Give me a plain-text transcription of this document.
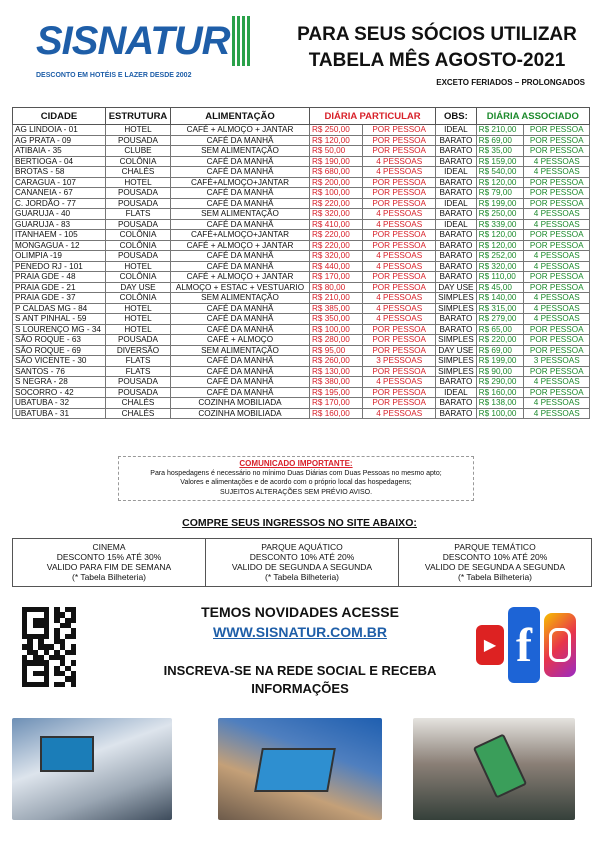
SISNATUR
DESCONTO EM HOTÉIS E LAZER DESDE 2002
PARA SEUS SÓCIOS UTILIZAR
TABELA MÊS AGOSTO-2021
EXCETO FERIADOS – PROLONGADOS
CIDADE	ESTRUTURA	ALIMENTAÇÃO	DIÁRIA PARTICULAR		OBS:	DIÁRIA ASSOCIADO	
AG LINDOIA - 01	HOTEL	CAFÉ + ALMOÇO + JANTAR	R$ 250,00	POR PESSOA	IDEAL	R$ 210,00	POR PESSOA
AG PRATA - 09	POUSADA	CAFÉ DA MANHÃ	R$ 120,00	POR PESSOA	BARATO	R$ 69,00	POR PESSOA
ATIBAIA - 35	CLUBE	SEM ALIMENTAÇÃO	R$ 50,00	POR PESSOA	BARATO	R$ 35,00	POR PESSOA
BERTIOGA - 04	COLÔNIA	CAFÉ DA MANHÃ	R$ 190,00	4 PESSOAS	BARATO	R$ 159,00	4 PESSOAS
BROTAS - 58	CHALÉS	CAFÉ DA MANHÃ	R$ 680,00	4 PESSOAS	IDEAL	R$ 540,00	4 PESSOAS
CARAGUA - 107	HOTEL	CAFÉ+ALMOÇO+JANTAR	R$ 200,00	POR PESSOA	BARATO	R$ 120,00	POR PESSOA
CANANEIA - 67	POUSADA	CAFÉ DA MANHÃ	R$ 100,00	POR PESSOA	BARATO	R$ 79,00	POR PESSOA
C. JORDÃO - 77	POUSADA	CAFÉ DA MANHÃ	R$ 220,00	POR PESSOA	IDEAL	R$ 199,00	POR PESSOA
GUARUJA - 40	FLATS	SEM ALIMENTAÇÃO	R$ 320,00	4 PESSOAS	BARATO	R$ 250,00	4 PESSOAS
GUARUJA - 83	POUSADA	CAFÉ DA MANHÃ	R$ 410,00	4 PESSOAS	IDEAL	R$ 339,00	4 PESSOAS
ITANHAEM - 105	COLÔNIA	CAFÉ+ALMOÇO+JANTAR	R$ 220,00	POR PESSOA	BARATO	R$ 120,00	POR PESSOA
MONGAGUA - 12	COLÔNIA	CAFÉ + ALMOÇO + JANTAR	R$ 220,00	POR PESSOA	BARATO	R$ 120,00	POR PESSOA
OLIMPIA -19	POUSADA	CAFÉ DA MANHÃ	R$ 320,00	4 PESSOAS	BARATO	R$ 252,00	4 PESSOAS
PENEDO RJ - 101	HOTEL	CAFÉ DA MANHÃ	R$ 440,00	4 PESSOAS	BARATO	R$ 320,00	4 PESSOAS
PRAIA GDE - 48	COLÔNIA	CAFÉ + ALMOÇO + JANTAR	R$ 170,00	POR PESSOA	BARATO	R$ 110,00	POR PESSOA
PRAIA GDE - 21	DAY USE	ALMOÇO + ESTAC + VESTUARIO	R$ 80,00	POR PESSOA	DAY USE	R$ 45,00	POR PESSOA
PRAIA GDE - 37	COLÔNIA	SEM ALIMENTAÇÃO	R$ 210,00	4 PESSOAS	SIMPLES	R$ 140,00	4 PESSOAS
P CALDAS MG - 84	HOTEL	CAFÉ DA MANHÃ	R$ 385,00	4 PESSOAS	SIMPLES	R$ 315,00	4 PESSOAS
S ANT PINHAL - 59	HOTEL	CAFÉ DA MANHÃ	R$ 350,00	4 PESSOAS	BARATO	R$ 279,00	4 PESSOAS
S LOURENÇO MG - 34	HOTEL	CAFÉ DA MANHÃ	R$ 100,00	POR PESSOA	BARATO	R$ 65,00	POR PESSOA
SÃO ROQUE - 63	POUSADA	CAFÉ + ALMOÇO	R$ 280,00	POR PESSOA	SIMPLES	R$ 220,00	POR PESSOA
SÃO ROQUE - 69	DIVERSÃO	SEM ALIMENTAÇÃO	R$ 95,00	POR PESSOA	DAY USE	R$ 69,00	POR PESSOA
SÃO VICENTE - 30	FLATS	CAFÉ DA MANHÃ	R$ 260,00	3 PESSOAS	SIMPLES	R$ 199,00	3 PESSOAS
SANTOS - 76	FLATS	CAFÉ DA MANHÃ	R$ 130,00	POR PESSOA	SIMPLES	R$ 90,00	POR PESSOA
S NEGRA - 28	POUSADA	CAFÉ DA MANHÃ	R$ 380,00	4 PESSOAS	BARATO	R$ 290,00	4 PESSOAS
SOCORRO - 42	POUSADA	CAFÉ DA MANHÃ	R$ 195,00	POR PESSOA	IDEAL	R$ 160,00	POR PESSOA
UBATUBA - 32	CHALÉS	COZINHA MOBILIADA	R$ 170,00	POR PESSOA	BARATO	R$ 138,00	4 PESSOAS
UBATUBA - 31	CHALÉS	COZINHA MOBILIADA	R$ 160,00	4 PESSOAS	BARATO	R$ 100,00	4 PESSOAS
COMUNICADO IMPORTANTE:
Para hospedagens é necessário no mínimo Duas Diárias com Duas Pessoas no mesmo apto;
Valores e alimentações e de acordo com o próprio local das hospedagens;
SUJEITOS ALTERAÇÕES SEM PRÉVIO AVISO.
COMPRE SEUS INGRESSOS NO SITE ABAIXO:
CINEMA
DESCONTO 15% ATÉ 30%
VALIDO PARA FIM DE SEMANA
(* Tabela Bilheteria)
PARQUE AQUÁTICO
DESCONTO 10% ATÉ 20%
VALIDO DE SEGUNDA A SEGUNDA
(* Tabela Bilheteria)
PARQUE TEMÁTICO
DESCONTO 10% ATÉ 20%
VALIDO DE SEGUNDA A SEGUNDA
(* Tabela Bilheteria)
TEMOS NOVIDADES ACESSE
WWW.SISNATUR.COM.BR
INSCREVA-SE NA REDE SOCIAL E RECEBA
INFORMAÇÕES
▶ f
